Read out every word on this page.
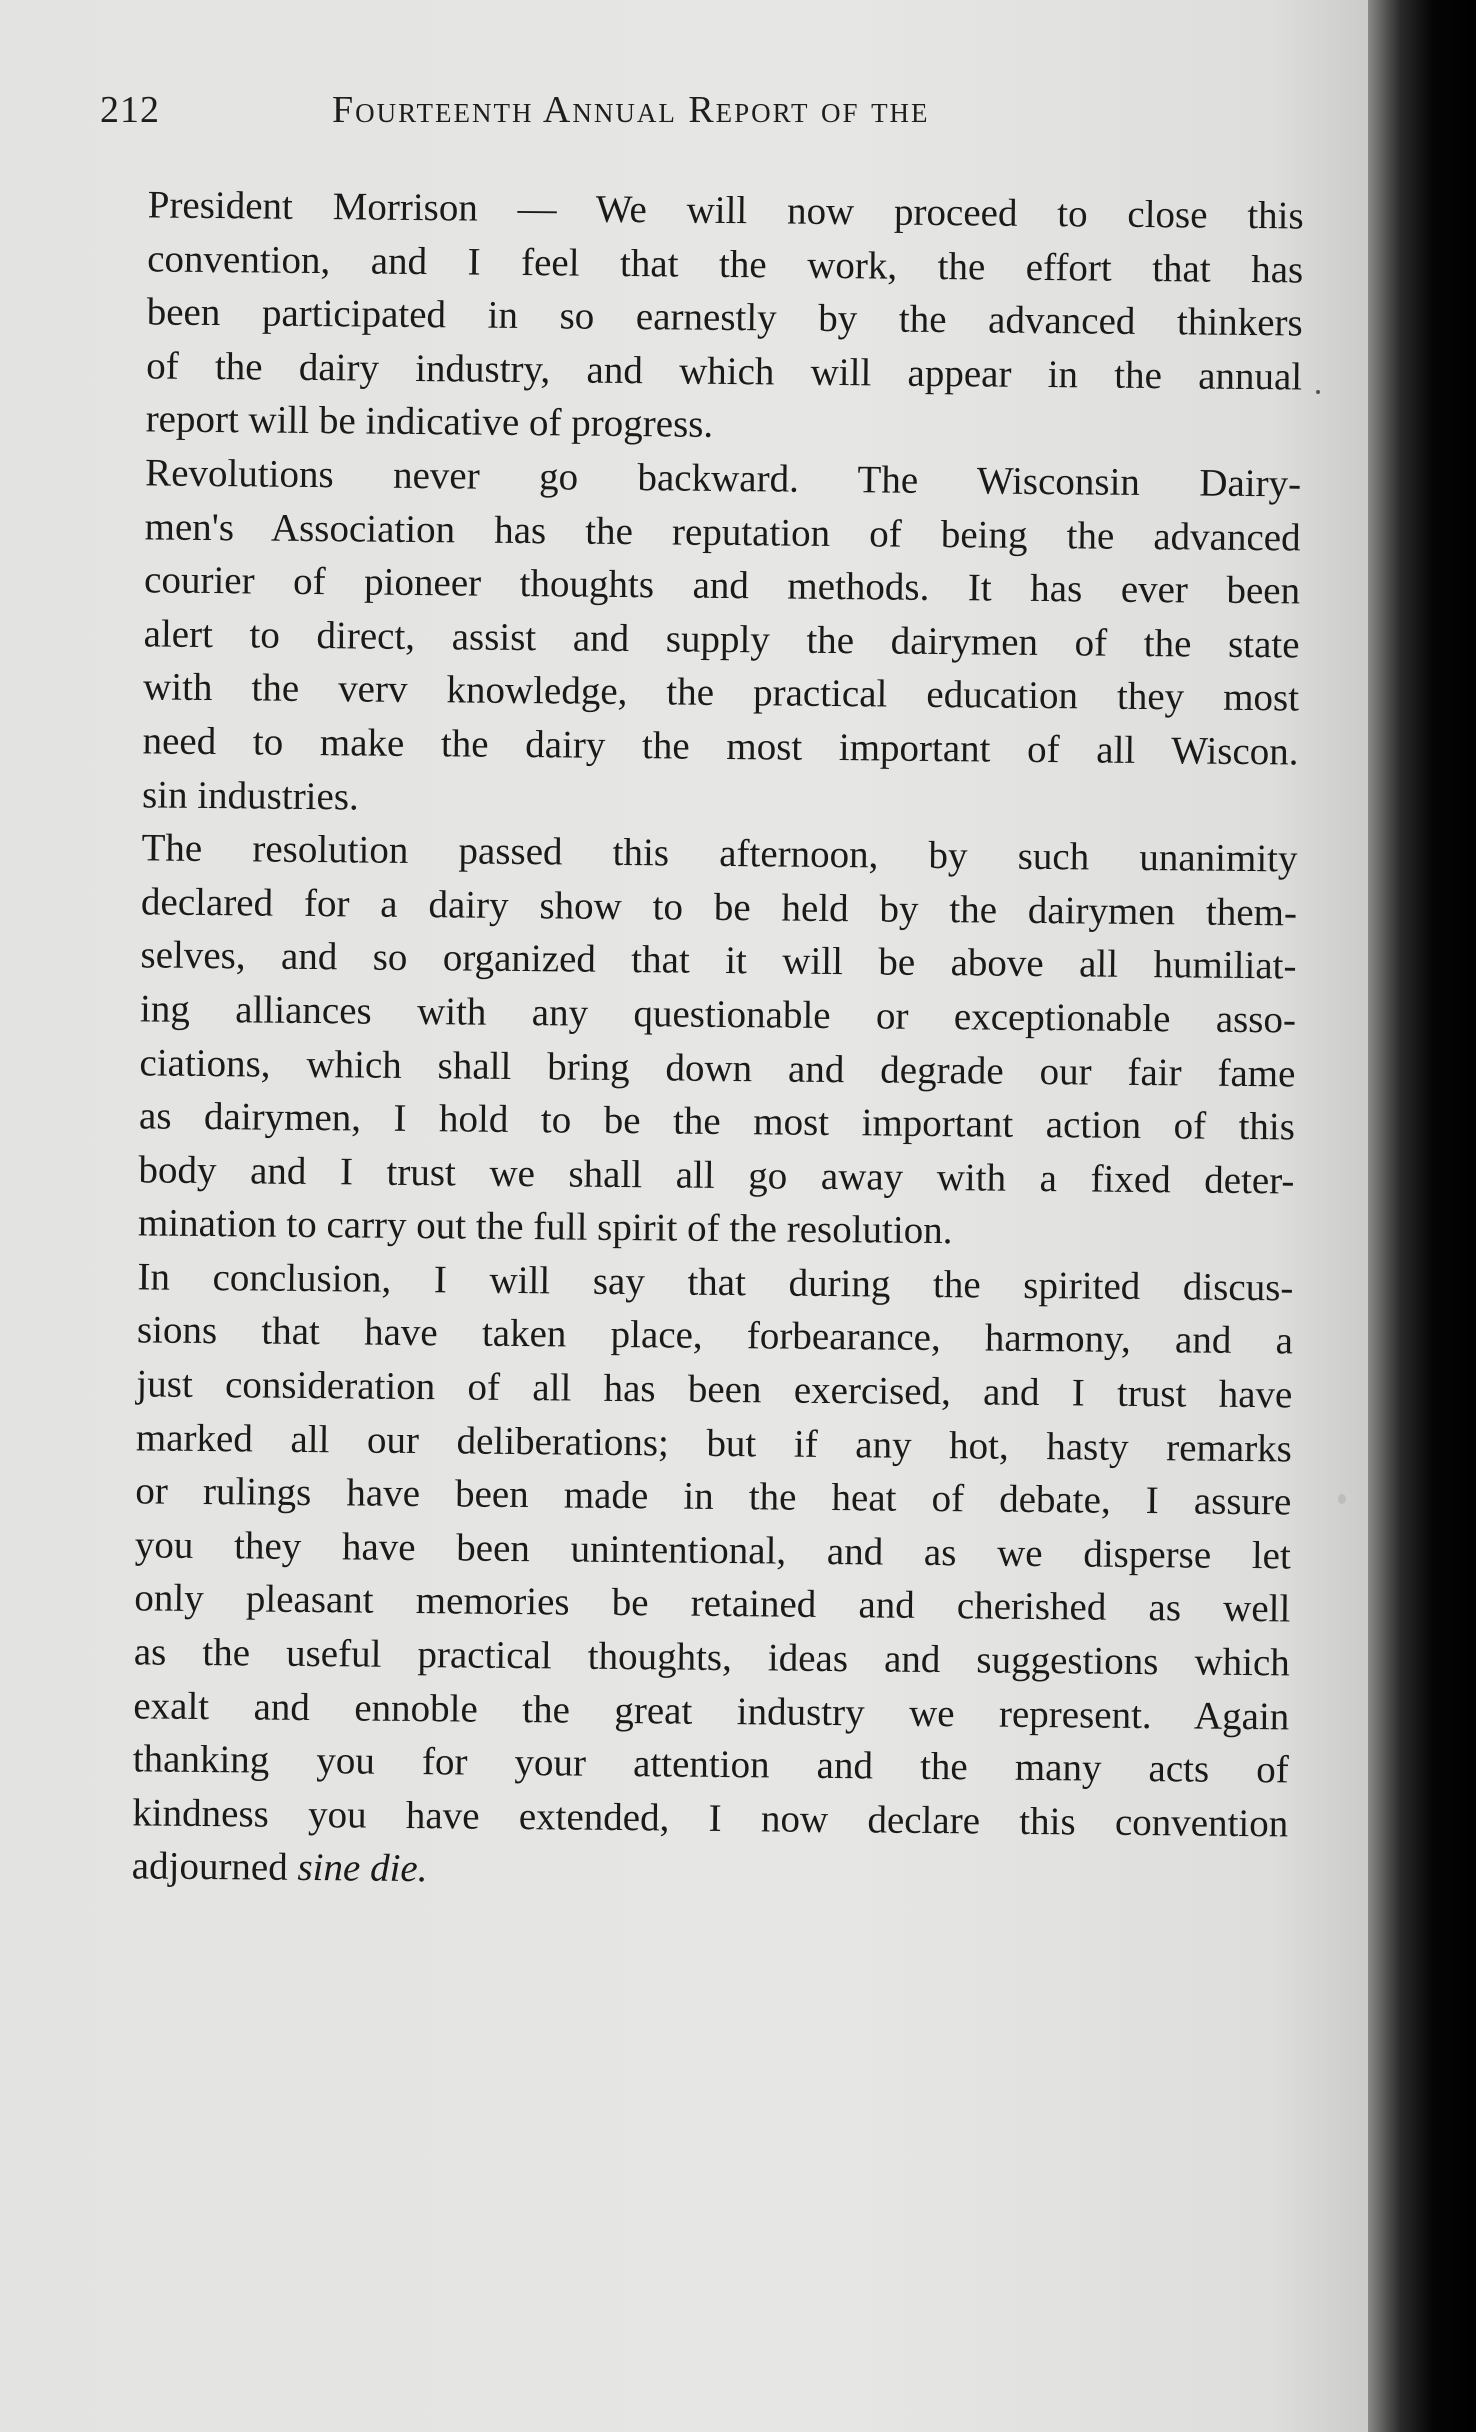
212	Fourteenth Annual Report of the

President Morrison — We will now proceed to close this
convention, and I feel that the work, the effort that has
been participated in so earnestly by the advanced thinkers
of the dairy industry, and which will appear in the annual
report will be indicative of progress.

Revolutions never go backward. The Wisconsin Dairy-
men's Association has the reputation of being the advanced
courier of pioneer thoughts and methods. It has ever been
alert to direct, assist and supply the dairymen of the state
with the verv knowledge, the practical education they most
need to make the dairy the most important of all Wiscon.
sin industries.

The resolution passed this afternoon, by such unanimity
declared for a dairy show to be held by the dairymen them-
selves, and so organized that it will be above all humiliat-
ing alliances with any questionable or exceptionable asso-
ciations, which shall bring down and degrade our fair fame
as dairymen, I hold to be the most important action of this
body and I trust we shall all go away with a fixed deter-
mination to carry out the full spirit of the resolution.

In conclusion, I will say that during the spirited discus-
sions that have taken place, forbearance, harmony, and a
just consideration of all has been exercised, and I trust have
marked all our deliberations; but if any hot, hasty remarks
or rulings have been made in the heat of debate, I assure
you they have been unintentional, and as we disperse let
only pleasant memories be retained and cherished as well
as the useful practical thoughts, ideas and suggestions which
exalt and ennoble the great industry we represent. Again
thanking you for your attention and the many acts of
kindness you have extended, I now declare this convention
adjourned sine die.
